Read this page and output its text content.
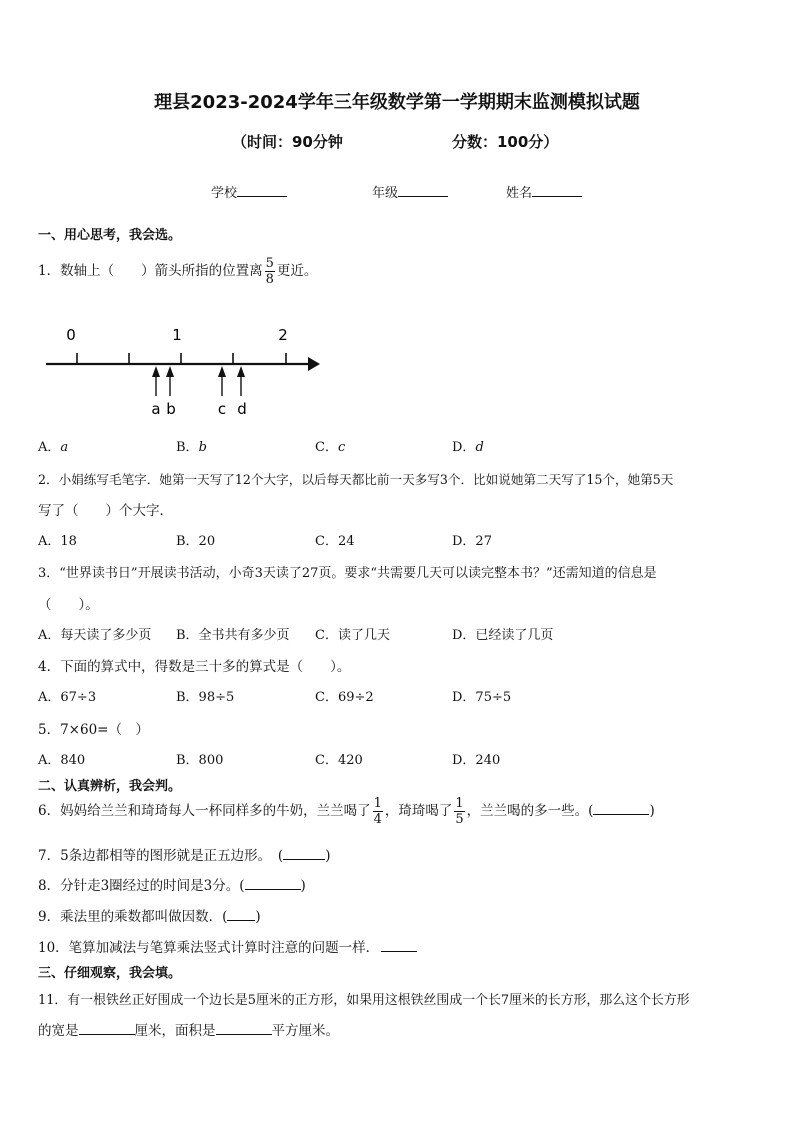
理县2023-2024学年三年级数学第一学期期末监测模拟试题
（时间：90分钟	分数：100分）
学校	年级	姓名
一、用心思考，我会选。
1．数轴上（　　）箭头所指的位置离 $\frac{5}{8}$ 更近。
0	1	2
a b	c d
A．a	B．b	C．c	D．d
2．小娟练写毛笔字．她第一天写了12个大字，以后每天都比前一天多写3个．比如说她第二天写了15个，她第5天
写了（　　）个大字．
A．18	B．20	C．24	D．27
3．“世界读书日”开展读书活动，小奇3天读了27页。要求“共需要几天可以读完整本书？”还需知道的信息是
（　　）。
A．每天读了多少页 B．全书共有多少页 C．读了几天	D．已经读了几页
4．下面的算式中，得数是三十多的算式是（　　）。
A．67÷3	B．98÷5	C．69÷2	D．75÷5
5．7×60=（　）
A．840	B．800	C．420	D．240
二、认真辨析，我会判。
6．妈妈给兰兰和琦琦每人一杯同样多的牛奶，兰兰喝了 $\frac{1}{4}$ ，琦琦喝了 $\frac{1}{5}$ ，兰兰喝的多一些。(	)
7．5条边都相等的图形就是正五边形。　(	)
8．分针走3圈经过的时间是3分。(	)
9．乘法里的乘数都叫做因数．( )
10．笔算加减法与笔算乘法竖式计算时注意的问题一样．
三、仔细观察，我会填。
11．有一根铁丝正好围成一个边长是5厘米的正方形，如果用这根铁丝围成一个长7厘米的长方形，那么这个长方形
的宽是	厘米，面积是	平方厘米。
